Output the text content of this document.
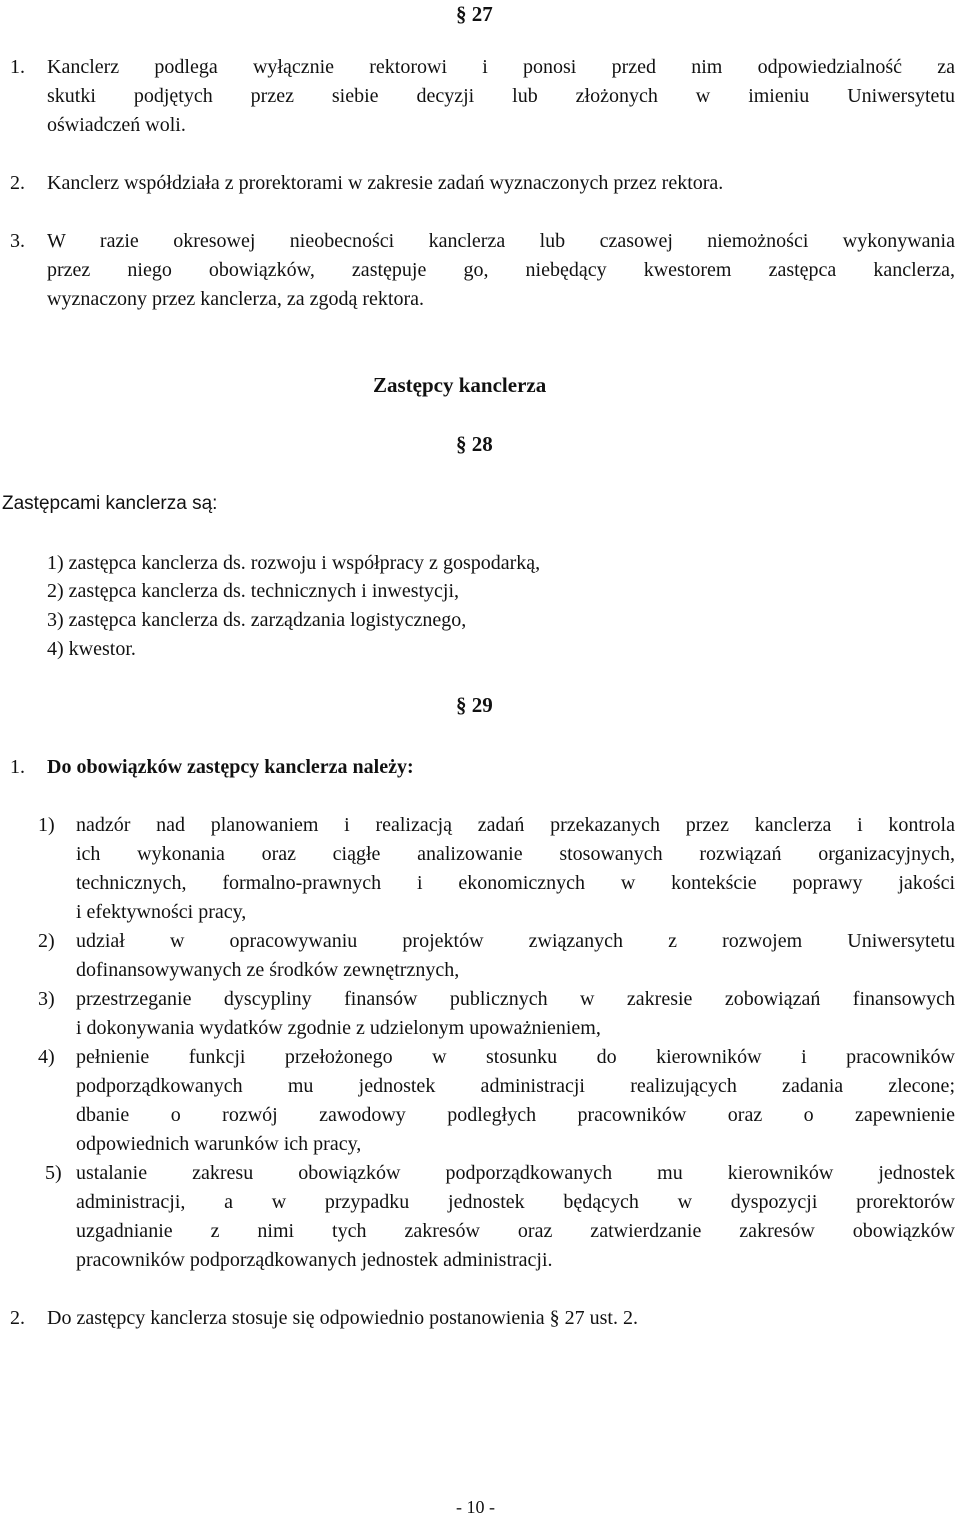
§ 27
1. Kanclerz podlega wyłącznie rektorowi i ponosi przed nim odpowiedzialność za
skutki podjętych przez siebie decyzji lub złożonych w imieniu Uniwersytetu
oświadczeń woli.
2. Kanclerz współdziała z prorektorami w zakresie zadań wyznaczonych przez rektora.
3. W razie okresowej nieobecności kanclerza lub czasowej niemożności wykonywania
przez niego obowiązków, zastępuje go, niebędący kwestorem zastępca kanclerza,
wyznaczony przez kanclerza, za zgodą rektora.
Zastępcy kanclerza
§ 28
Zastępcami kanclerza są:
1) zastępca kanclerza ds. rozwoju i współpracy z gospodarką,
2) zastępca kanclerza ds. technicznych i inwestycji,
3) zastępca kanclerza ds. zarządzania logistycznego,
4) kwestor.
§ 29
1. Do obowiązków zastępcy kanclerza należy:
1) nadzór nad planowaniem i realizacją zadań przekazanych przez kanclerza i kontrola
ich wykonania oraz ciągłe analizowanie stosowanych rozwiązań organizacyjnych,
technicznych, formalno-prawnych i ekonomicznych w kontekście poprawy jakości
i efektywności pracy,
2) udział w opracowywaniu projektów związanych z rozwojem Uniwersytetu
dofinansowywanych ze środków zewnętrznych,
3) przestrzeganie dyscypliny finansów publicznych w zakresie zobowiązań finansowych
i dokonywania wydatków zgodnie z udzielonym upoważnieniem,
4) pełnienie funkcji przełożonego w stosunku do kierowników i pracowników
podporządkowanych mu jednostek administracji realizujących zadania zlecone;
dbanie o rozwój zawodowy podległych pracowników oraz o zapewnienie
odpowiednich warunków ich pracy,
5) ustalanie zakresu obowiązków podporządkowanych mu kierowników jednostek
administracji, a w przypadku jednostek będących w dyspozycji prorektorów
uzgadnianie z nimi tych zakresów oraz zatwierdzanie zakresów obowiązków
pracowników podporządkowanych jednostek administracji.
2. Do zastępcy kanclerza stosuje się odpowiednio postanowienia § 27 ust. 2.
- 10 -
